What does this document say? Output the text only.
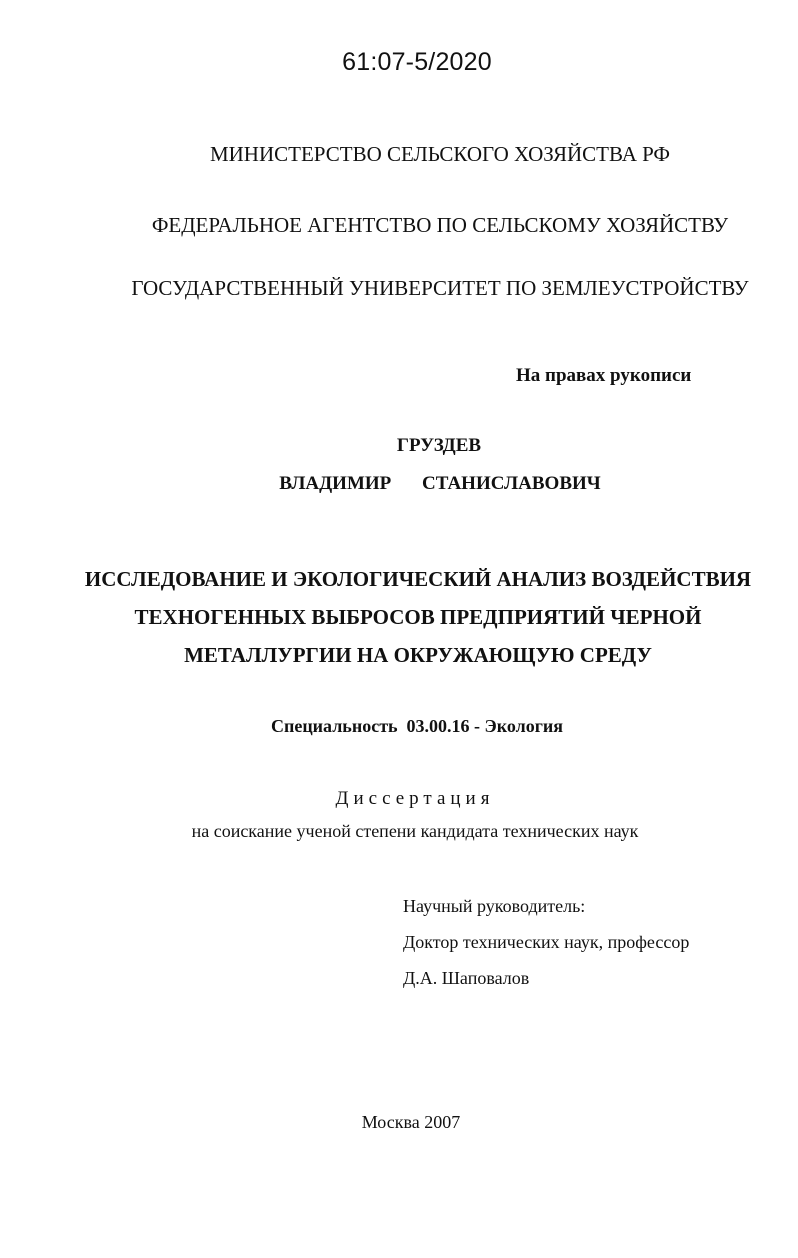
61:07-5/2020

МИНИСТЕРСТВО СЕЛЬСКОГО ХОЗЯЙСТВА РФ

ФЕДЕРАЛЬНОЕ АГЕНТСТВО ПО СЕЛЬСКОМУ ХОЗЯЙСТВУ

ГОСУДАРСТВЕННЫЙ УНИВЕРСИТЕТ ПО ЗЕМЛЕУСТРОЙСТВУ

На правах рукописи

ГРУЗДЕВ

ВЛАДИМИР СТАНИСЛАВОВИЧ

ИССЛЕДОВАНИЕ И ЭКОЛОГИЧЕСКИЙ АНАЛИЗ ВОЗДЕЙСТВИЯ

ТЕХНОГЕННЫХ ВЫБРОСОВ ПРЕДПРИЯТИЙ ЧЕРНОЙ

МЕТАЛЛУРГИИ НА ОКРУЖАЮЩУЮ СРЕДУ

Специальность  03.00.16 - Экология

Диссертация

на соискание ученой степени кандидата технических наук

Научный руководитель:

Доктор технических наук, профессор

Д.А. Шаповалов

Москва 2007
